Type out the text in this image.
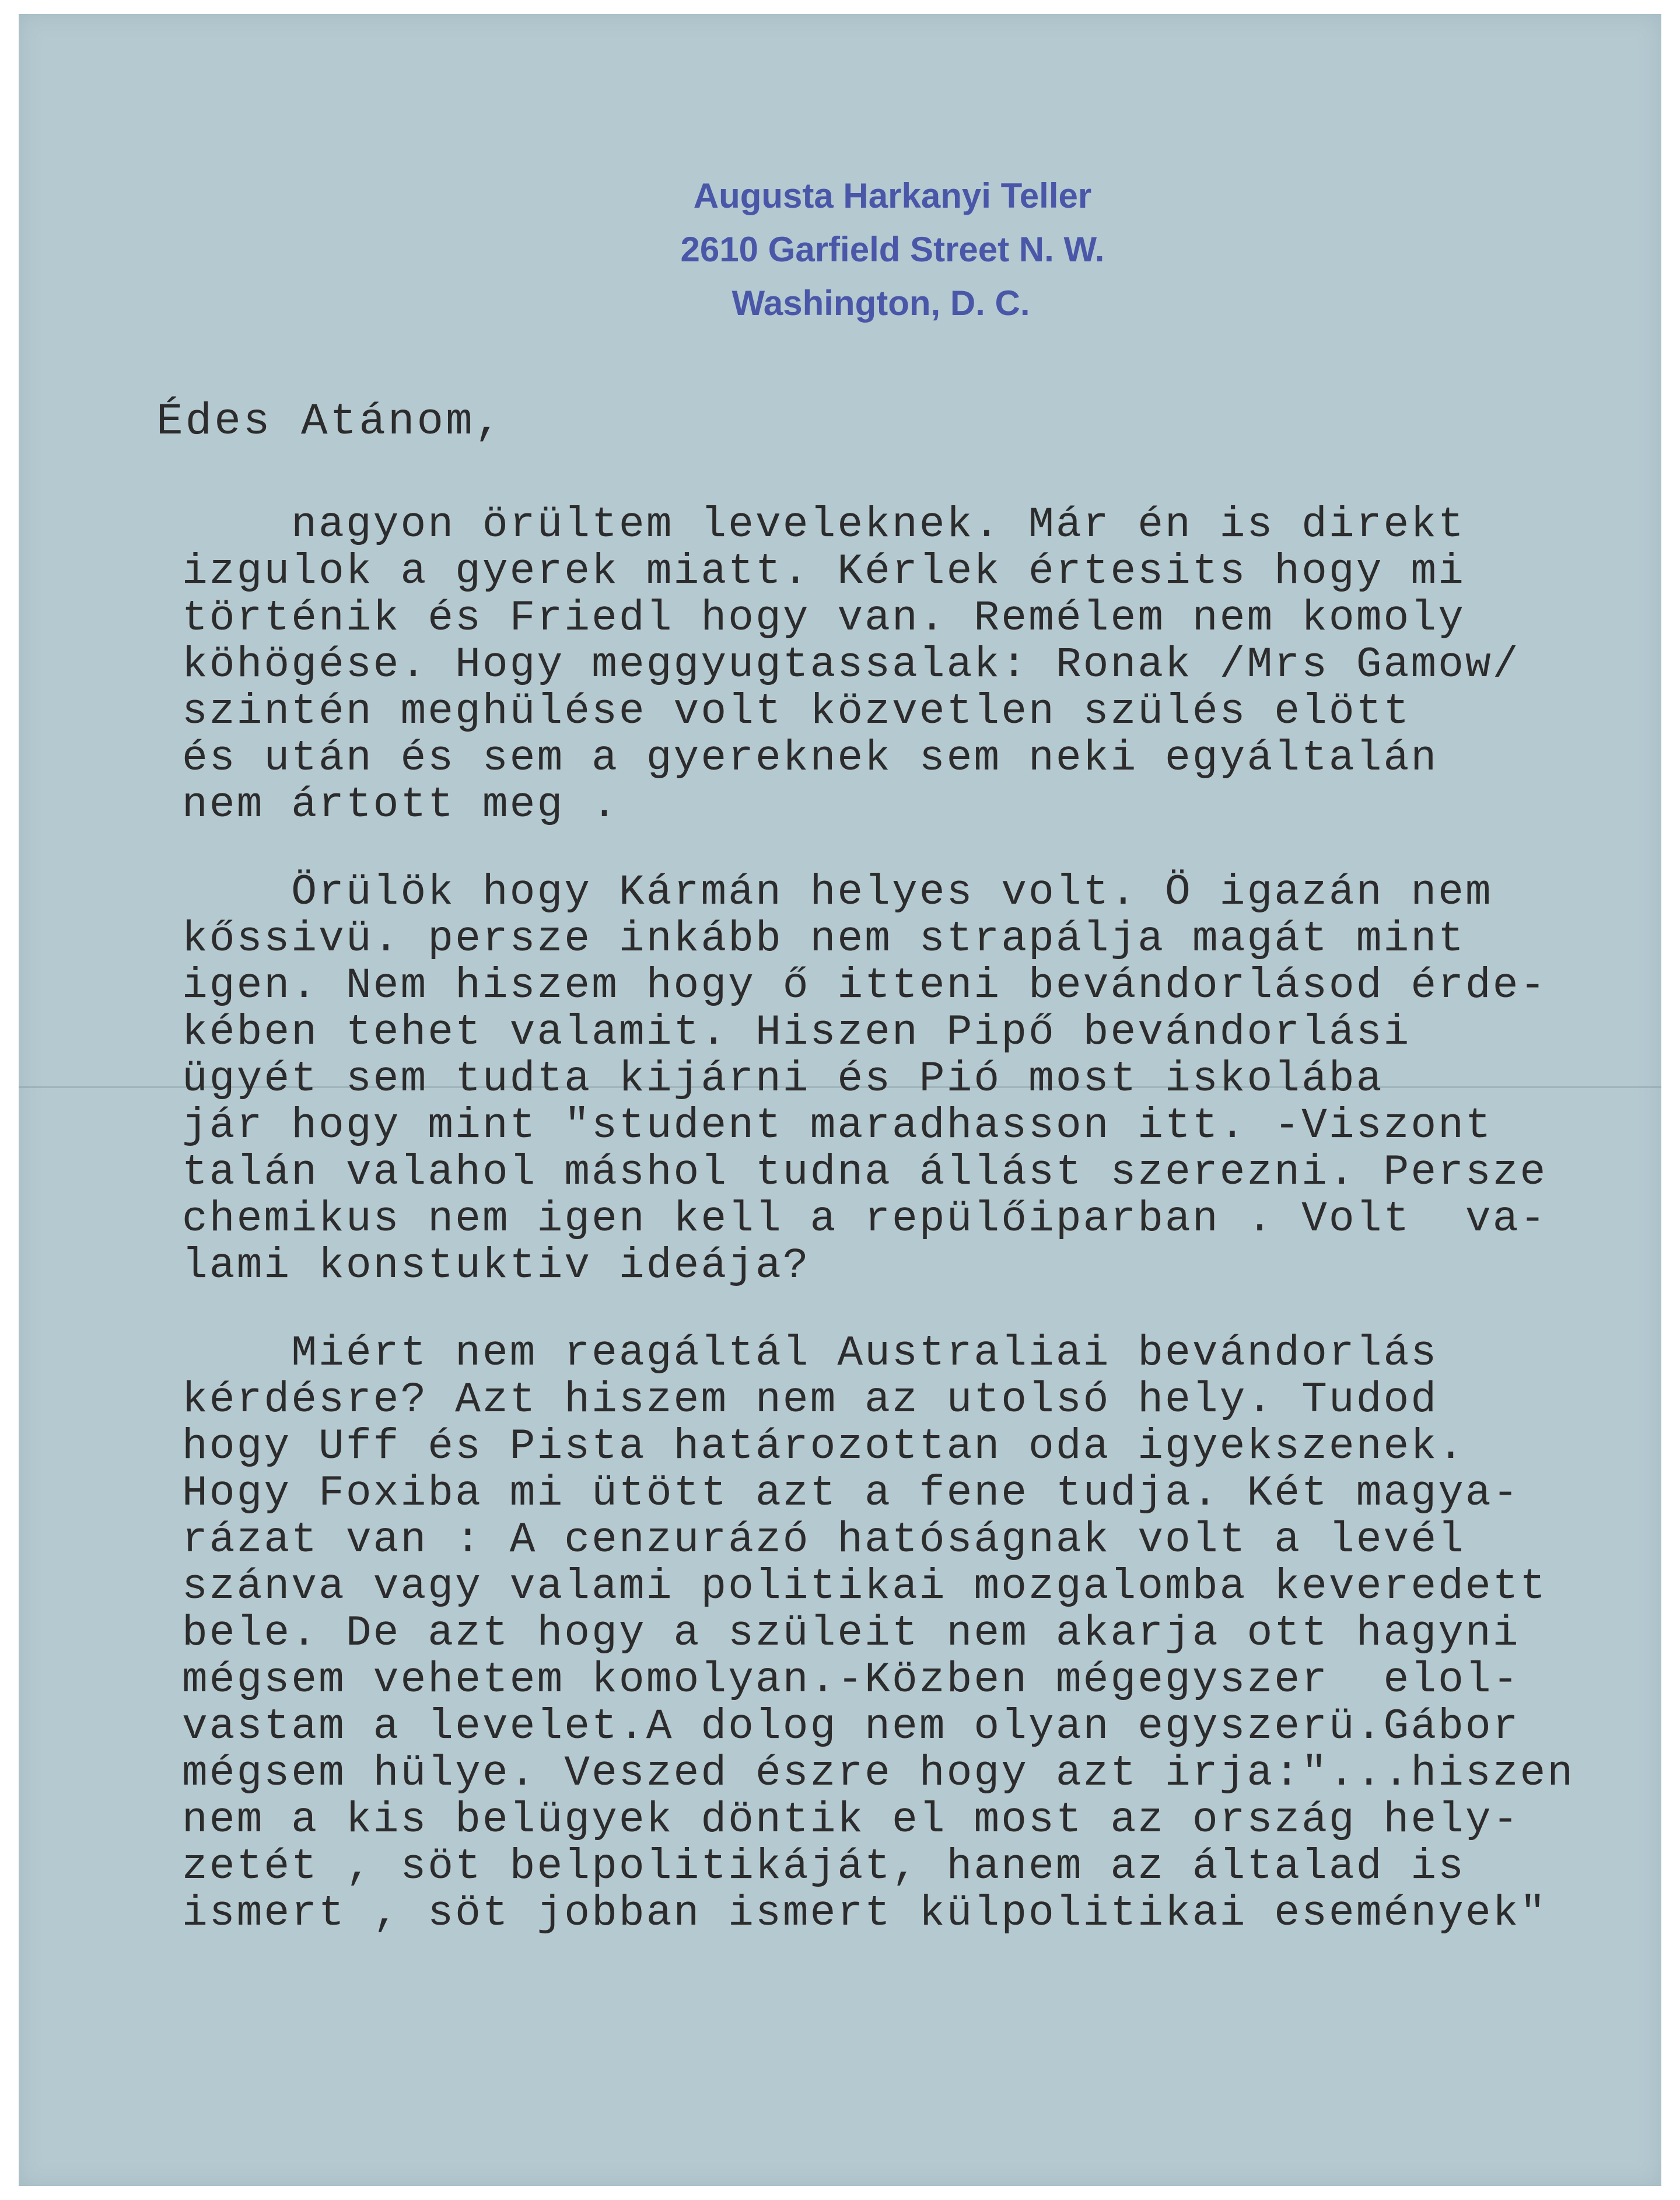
Augusta Harkanyi Teller
2610 Garfield Street N. W.
Washington, D. C.
Édes Atánom,
nagyon örültem leveleknek. Már én is direkt
izgulok a gyerek miatt. Kérlek értesits hogy mi
történik és Friedl hogy van. Remélem nem komoly
köhögése. Hogy meggyugtassalak: Ronak /Mrs Gamow/
szintén meghülése volt közvetlen szülés elött
és után és sem a gyereknek sem neki egyáltalán
nem ártott meg .
Örülök hogy Kármán helyes volt. Ö igazán nem
kőssivü. persze inkább nem strapálja magát mint
igen. Nem hiszem hogy ő itteni bevándorlásod érde-
kében tehet valamit. Hiszen Pipő bevándorlási
ügyét sem tudta kijárni és Pió most iskolába
jár hogy mint "student maradhasson itt. -Viszont
talán valahol máshol tudna állást szerezni. Persze
chemikus nem igen kell a repülőiparban . Volt  va-
lami konstuktiv ideája?
Miért nem reagáltál Australiai bevándorlás
kérdésre? Azt hiszem nem az utolsó hely. Tudod
hogy Uff és Pista határozottan oda igyekszenek.
Hogy Foxiba mi ütött azt a fene tudja. Két magya-
rázat van : A cenzurázó hatóságnak volt a levél
szánva vagy valami politikai mozgalomba keveredett
bele. De azt hogy a szüleit nem akarja ott hagyni
mégsem vehetem komolyan.-Közben mégegyszer  elol-
vastam a levelet.A dolog nem olyan egyszerü.Gábor
mégsem hülye. Veszed észre hogy azt irja:"...hiszen
nem a kis belügyek döntik el most az ország hely-
zetét , söt belpolitikáját, hanem az általad is
ismert , söt jobban ismert külpolitikai események"
